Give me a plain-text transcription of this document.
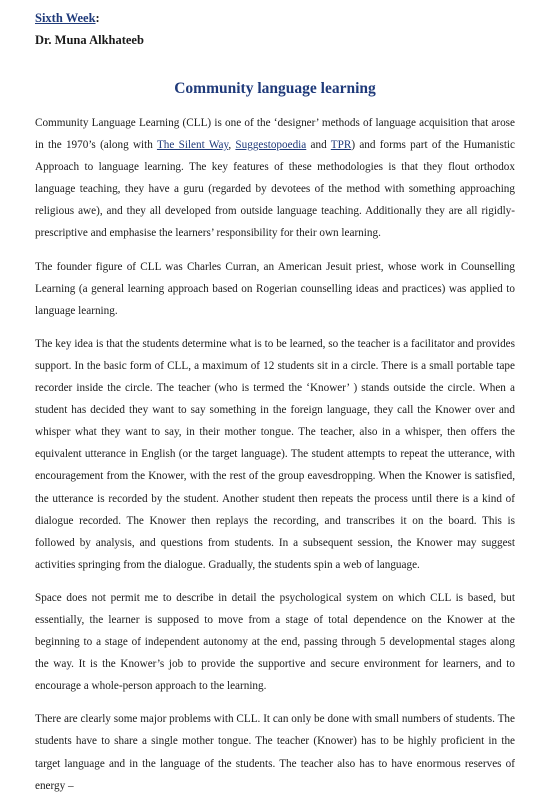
Sixth Week:
Dr. Muna Alkhateeb
Community language learning

Community Language Learning (CLL) is one of the ‘designer’ methods of language acquisition that arose in the 1970’s (along with The Silent Way, Suggestopoedia and TPR) and forms part of the Humanistic Approach to language learning. The key features of these methodologies is that they flout orthodox language teaching, they have a guru (regarded by devotees of the method with something approaching religious awe), and they all developed from outside language teaching. Additionally they are all rigidly-prescriptive and emphasise the learners’ responsibility for their own learning.

The founder figure of CLL was Charles Curran, an American Jesuit priest, whose work in Counselling Learning (a general learning approach based on Rogerian counselling ideas and practices) was applied to language learning.

The key idea is that the students determine what is to be learned, so the teacher is a facilitator and provides support. In the basic form of CLL, a maximum of 12 students sit in a circle. There is a small portable tape recorder inside the circle. The teacher (who is termed the ‘Knower’ ) stands outside the circle. When a student has decided they want to say something in the foreign language, they call the Knower over and whisper what they want to say, in their mother tongue. The teacher, also in a whisper, then offers the equivalent utterance in English (or the target language). The student attempts to repeat the utterance, with encouragement from the Knower, with the rest of the group eavesdropping. When the Knower is satisfied, the utterance is recorded by the student. Another student then repeats the process until there is a kind of dialogue recorded. The Knower then replays the recording, and transcribes it on the board. This is followed by analysis, and questions from students. In a subsequent session, the Knower may suggest activities springing from the dialogue. Gradually, the students spin a web of language.

Space does not permit me to describe in detail the psychological system on which CLL is based, but essentially, the learner is supposed to move from a stage of total dependence on the Knower at the beginning to a stage of independent autonomy at the end, passing through 5 developmental stages along the way. It is the Knower’s job to provide the supportive and secure environment for learners, and to encourage a whole-person approach to the learning.

There are clearly some major problems with CLL. It can only be done with small numbers of students. The students have to share a single mother tongue. The teacher (Knower) has to be highly proficient in the target language and in the language of the students. The teacher also has to have enormous reserves of energy –
